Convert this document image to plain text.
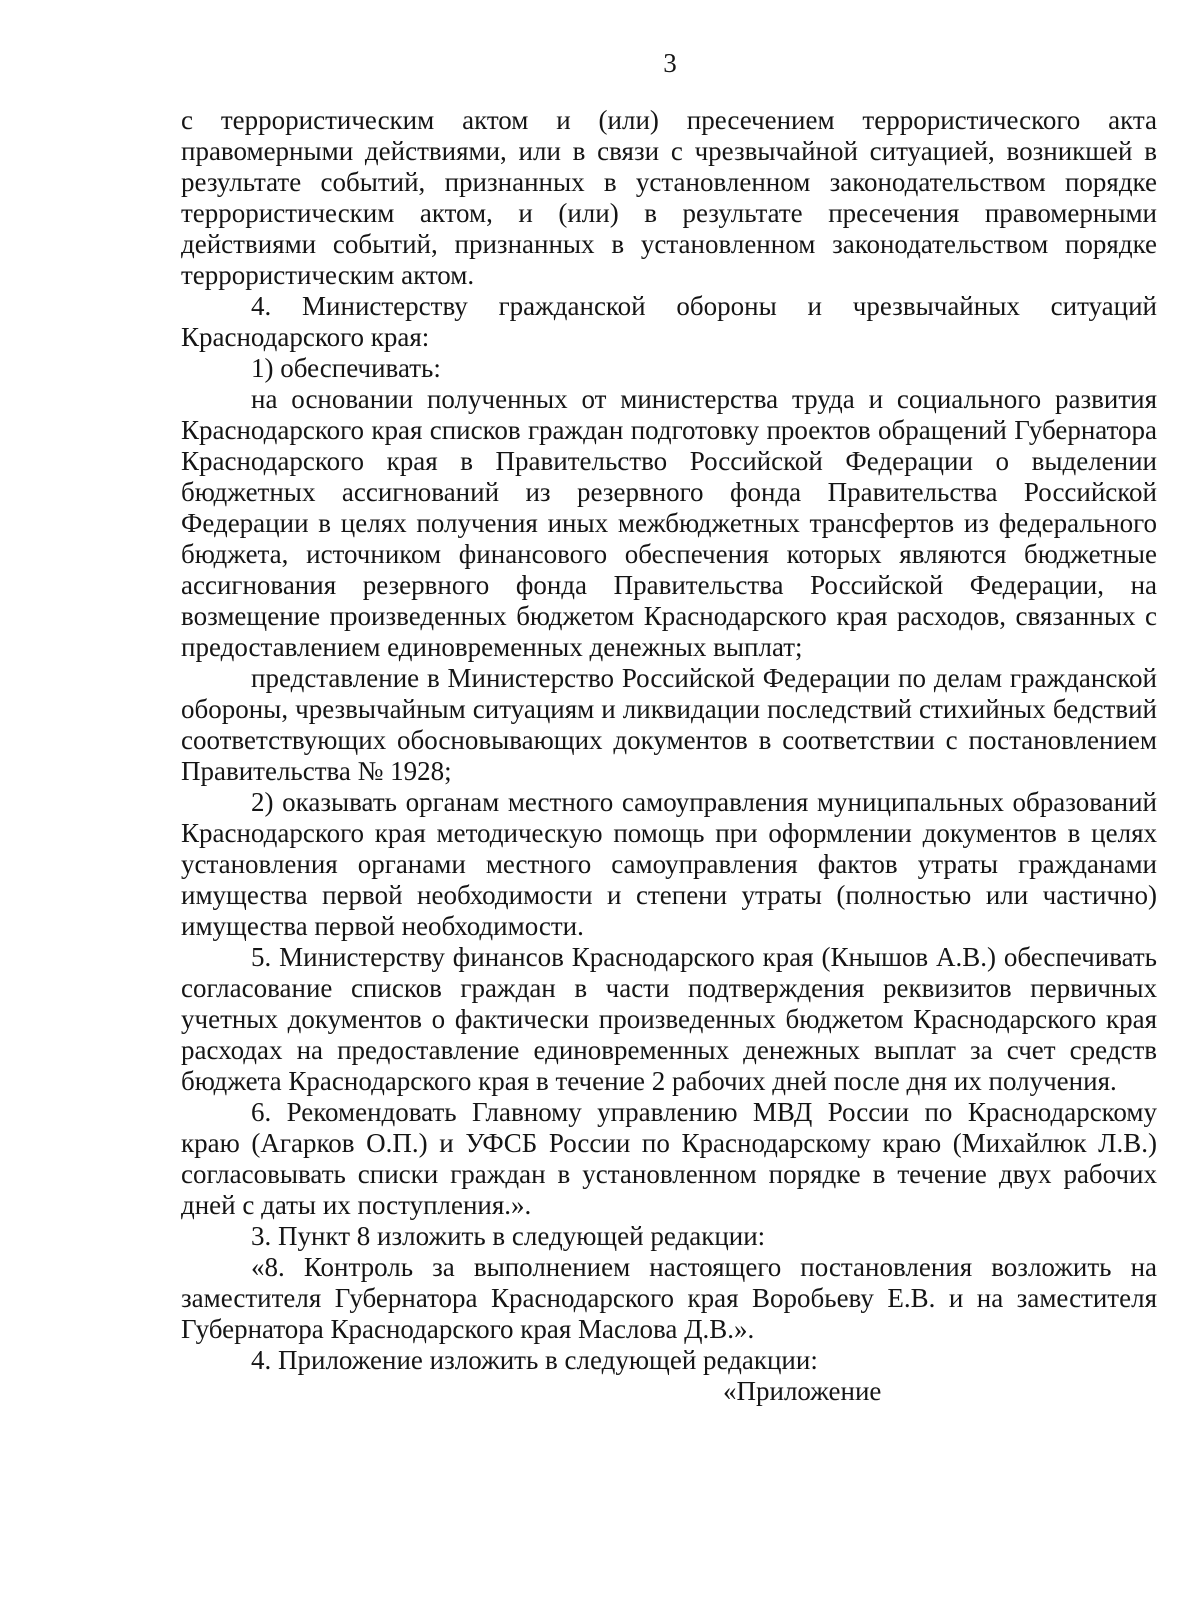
3

с террористическим актом и (или) пресечением террористического акта правомерными действиями, или в связи с чрезвычайной ситуацией, возникшей в результате событий, признанных в установленном законодательством порядке террористическим актом, и (или) в результате пресечения правомерными действиями событий, признанных в установленном законодательством порядке террористическим актом.

4. Министерству гражданской обороны и чрезвычайных ситуаций Краснодарского края:

1) обеспечивать:

на основании полученных от министерства труда и социального развития Краснодарского края списков граждан подготовку проектов обращений Губернатора Краснодарского края в Правительство Российской Федерации о выделении бюджетных ассигнований из резервного фонда Правительства Российской Федерации в целях получения иных межбюджетных трансфертов из федерального бюджета, источником финансового обеспечения которых являются бюджетные ассигнования резервного фонда Правительства Российской Федерации, на возмещение произведенных бюджетом Краснодарского края расходов, связанных с предоставлением единовременных денежных выплат;

представление в Министерство Российской Федерации по делам гражданской обороны, чрезвычайным ситуациям и ликвидации последствий стихийных бедствий соответствующих обосновывающих документов в соответствии с постановлением Правительства № 1928;

2) оказывать органам местного самоуправления муниципальных образований Краснодарского края методическую помощь при оформлении документов в целях установления органами местного самоуправления фактов утраты гражданами имущества первой необходимости и степени утраты (полностью или частично) имущества первой необходимости.

5. Министерству финансов Краснодарского края (Кнышов А.В.) обеспечивать согласование списков граждан в части подтверждения реквизитов первичных учетных документов о фактически произведенных бюджетом Краснодарского края расходах на предоставление единовременных денежных выплат за счет средств бюджета Краснодарского края в течение 2 рабочих дней после дня их получения.

6. Рекомендовать Главному управлению МВД России по Краснодарскому краю (Агарков О.П.) и УФСБ России по Краснодарскому краю (Михайлюк Л.В.) согласовывать списки граждан в установленном порядке в течение двух рабочих дней с даты их поступления.».

3. Пункт 8 изложить в следующей редакции:

«8. Контроль за выполнением настоящего постановления возложить на заместителя Губернатора Краснодарского края Воробьеву Е.В. и на заместителя Губернатора Краснодарского края Маслова Д.В.».

4. Приложение изложить в следующей редакции:

«Приложение
